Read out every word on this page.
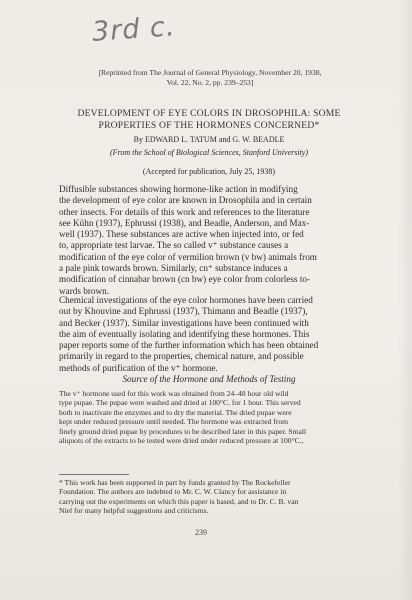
3rd c.
[Reprinted from The Journal of General Physiology, November 20, 1938,
Vol. 22, No. 2, pp. 239–253]
DEVELOPMENT OF EYE COLORS IN DROSOPHILA: SOME
PROPERTIES OF THE HORMONES CONCERNED*
By EDWARD L. TATUM and G. W. BEADLE
(From the School of Biological Sciences, Stanford University)
(Accepted for publication, July 25, 1938)
Diffusible substances showing hormone-like action in modifying
the development of eye color are known in Drosophila and in certain
other insects. For details of this work and references to the literature
see Kühn (1937), Ephrussi (1938), and Beadle, Anderson, and Max-
well (1937). These substances are active when injected into, or fed
to, appropriate test larvae. The so called v⁺ substance causes a
modification of the eye color of vermilion brown (v bw) animals from
a pale pink towards brown. Similarly, cn⁺ substance induces a
modification of cinnabar brown (cn bw) eye color from colorless to-
wards brown.
Chemical investigations of the eye color hormones have been carried
out by Khouvine and Ephrussi (1937), Thimann and Beadle (1937),
and Becker (1937). Similar investigations have been continued with
the aim of eventually isolating and identifying these hormones. This
paper reports some of the further information which has been obtained
primarily in regard to the properties, chemical nature, and possible
methods of purification of the v⁺ hormone.
Source of the Hormone and Methods of Testing
The v⁺ hormone used for this work was obtained from 24–48 hour old wild
type pupae. The pupae were washed and dried at 100°C. for 1 hour. This served
both to inactivate the enzymes and to dry the material. The dried pupae were
kept under reduced pressure until needed. The hormone was extracted from
finely ground dried pupae by procedures to be described later in this paper. Small
aliquots of the extracts to be tested were dried under reduced pressure at 100°C.,
* This work has been supported in part by funds granted by The Rockefeller
Foundation. The authors are indebted to Mr. C. W. Clancy for assistance in
carrying out the experiments on which this paper is based, and to Dr. C. B. van
Niel for many helpful suggestions and criticisms.
239
